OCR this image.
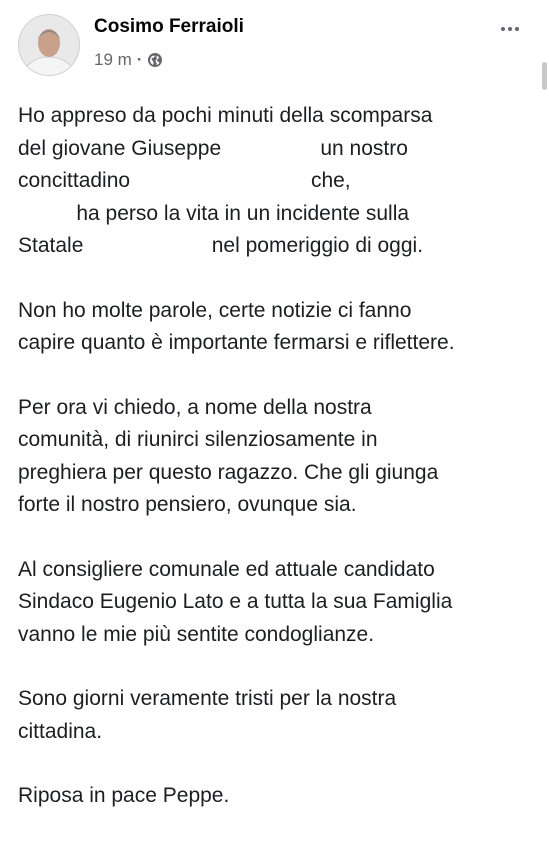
Cosimo Ferraioli
19 m ·
Ho appreso da pochi minuti della scomparsa
del giovane Giuseppe                 un nostro
concittadino                               che,
ha perso la vita in un incidente sulla
Statale                      nel pomeriggio di oggi.
Non ho molte parole, certe notizie ci fanno
capire quanto è importante fermarsi e riflettere.
Per ora vi chiedo, a nome della nostra
comunità, di riunirci silenziosamente in
preghiera per questo ragazzo. Che gli giunga
forte il nostro pensiero, ovunque sia.
Al consigliere comunale ed attuale candidato
Sindaco Eugenio Lato e a tutta la sua Famiglia
vanno le mie più sentite condoglianze.
Sono giorni veramente tristi per la nostra
cittadina.
Riposa in pace Peppe.
